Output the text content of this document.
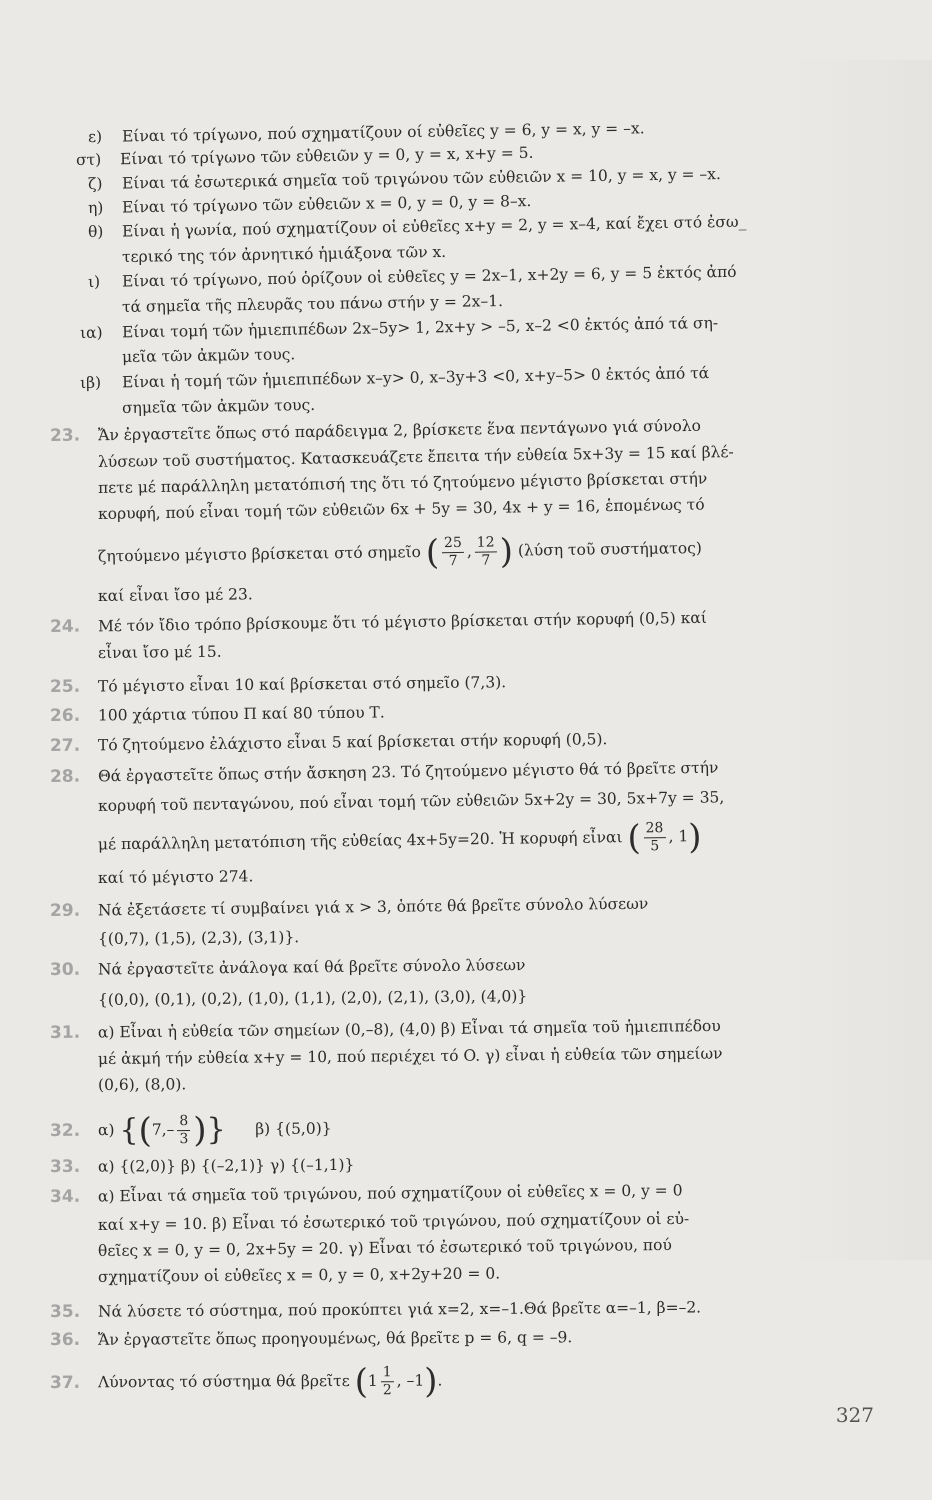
ε) Είναι τό τρίγωνο, πού σχηματίζουν οί εὐθεῖες y = 6, y = x, y = –x.
στ) Είναι τό τρίγωνο τῶν εὐθειῶν y = 0, y = x, x+y = 5.
ζ) Είναι τά ἐσωτερικά σημεῖα τοῦ τριγώνου τῶν εὐθειῶν x = 10, y = x, y = –x.
η) Είναι τό τρίγωνο τῶν εὐθειῶν x = 0, y = 0, y = 8–x.
θ) Είναι ἡ γωνία, πού σχηματίζουν οἱ εὐθεῖες x+y = 2, y = x–4, καί ἔχει στό ἐσω_
τερικό της τόν ἀρνητικό ἡμιάξονα τῶν x.
ι) Είναι τό τρίγωνο, πού ὁρίζουν οἱ εὐθεῖες y = 2x–1, x+2y = 6, y = 5 ἐκτός ἀπό
τά σημεῖα τῆς πλευρᾶς του πάνω στήν y = 2x–1.
ια) Είναι τομή τῶν ἡμιεπιπέδων 2x–5y> 1, 2x+y > –5, x–2 <0 ἐκτός ἀπό τά ση-
μεῖα τῶν ἀκμῶν τους.
ιβ) Είναι ἡ τομή τῶν ἡμιεπιπέδων x–y> 0, x–3y+3 <0, x+y–5> 0 ἐκτός ἀπό τά
σημεῖα τῶν ἀκμῶν τους.
23. Ἄν ἐργαστεῖτε ὅπως στό παράδειγμα 2, βρίσκετε ἕνα πεντάγωνο γιά σύνολο
λύσεων τοῦ συστήματος. Κατασκευάζετε ἔπειτα τήν εὐθεία 5x+3y = 15 καί βλέ-
πετε μέ παράλληλη μετατόπισή της ὅτι τό ζητούμενο μέγιστο βρίσκεται στήν
κορυφή, πού εἶναι τομή τῶν εὐθειῶν 6x + 5y = 30, 4x + y = 16, ἑπομένως τό
ζητούμενο μέγιστο βρίσκεται στό σημεῖο ( $\frac{25}{7}$ , $\frac{12}{7}$ ) (λύση τοῦ συστήματος)
καί εἶναι ἴσο μέ 23.
24. Μέ τόν ἴδιο τρόπο βρίσκουμε ὅτι τό μέγιστο βρίσκεται στήν κορυφή (0,5) καί
εἶναι ἴσο μέ 15.
25. Τό μέγιστο εἶναι 10 καί βρίσκεται στό σημεῖο (7,3).
26. 100 χάρτια τύπου Π καί 80 τύπου Τ.
27. Τό ζητούμενο ἐλάχιστο εἶναι 5 καί βρίσκεται στήν κορυφή (0,5).
28. Θά ἐργαστεῖτε ὅπως στήν ἄσκηση 23. Τό ζητούμενο μέγιστο θά τό βρεῖτε στήν
κορυφή τοῦ πενταγώνου, πού εἶναι τομή τῶν εὐθειῶν 5x+2y = 30, 5x+7y = 35,
μέ παράλληλη μετατόπιση τῆς εὐθείας 4x+5y=20. Ἡ κορυφή εἶναι ( $\frac{28}{5}$ , 1)
καί τό μέγιστο 274.
29. Νά ἐξετάσετε τί συμβαίνει γιά x > 3, ὁπότε θά βρεῖτε σύνολο λύσεων
{(0,7), (1,5), (2,3), (3,1)}.
30. Νά ἐργαστεῖτε ἀνάλογα καί θά βρεῖτε σύνολο λύσεων
{(0,0), (0,1), (0,2), (1,0), (1,1), (2,0), (2,1), (3,0), (4,0)}
31. α) Εἶναι ἡ εὐθεία τῶν σημείων (0,–8), (4,0) β) Εἶναι τά σημεῖα τοῦ ἡμιεπιπέδου
μέ ἀκμή τήν εὐθεία x+y = 10, πού περιέχει τό O. γ) εἶναι ἡ εὐθεία τῶν σημείων
(0,6), (8,0).
32. α) {($7,- \frac{8}{3}$ )} β) {(5,0)}
33. α) {(2,0)} β) {(–2,1)} γ) {(–1,1)}
34. α) Εἶναι τά σημεῖα τοῦ τριγώνου, πού σχηματίζουν οἱ εὐθεῖες x = 0, y = 0
καί x+y = 10. β) Εἶναι τό ἐσωτερικό τοῦ τριγώνου, πού σχηματίζουν οἱ εὐ-
θεῖες x = 0, y = 0, 2x+5y = 20. γ) Εἶναι τό ἐσωτερικό τοῦ τριγώνου, πού
σχηματίζουν οἱ εὐθεῖες x = 0, y = 0, x+2y+20 = 0.
35. Νά λύσετε τό σύστημα, πού προκύπτει γιά x=2, x=–1.Θά βρεῖτε α=–1, β=–2.
36. Ἄν ἐργαστεῖτε ὅπως προηγουμένως, θά βρεῖτε p = 6, q = –9.
37. Λύνοντας τό σύστημα θά βρεῖτε ($1 \frac{1}{2}$ , –1).
327
